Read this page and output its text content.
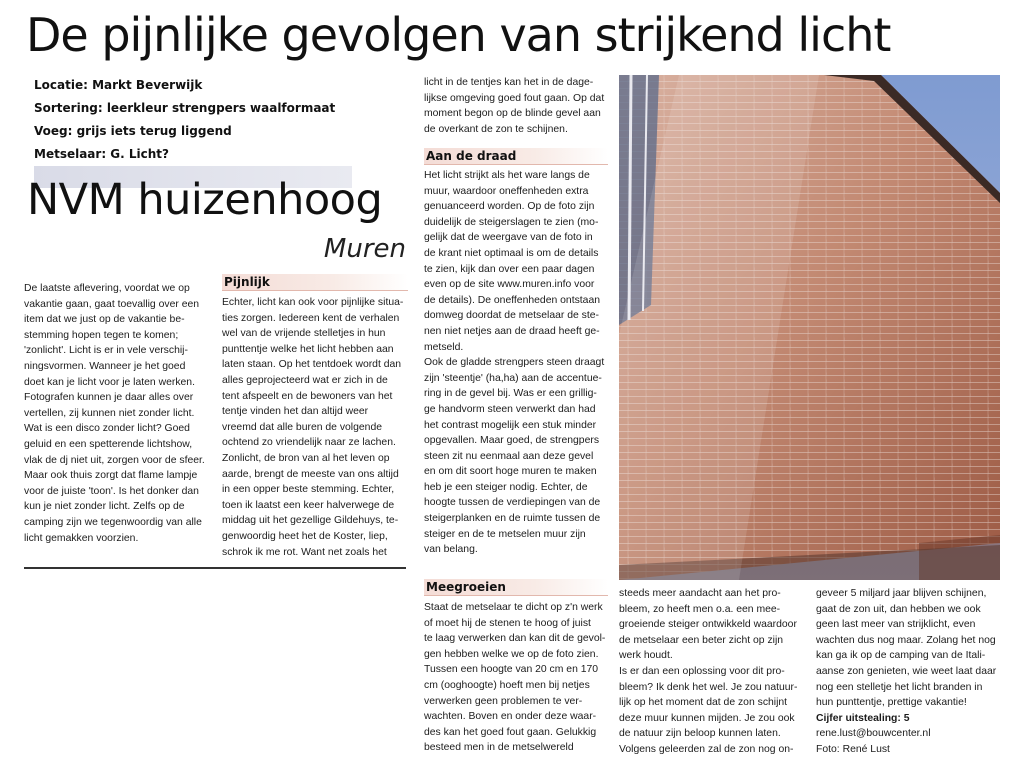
De pijnlijke gevolgen van strijkend licht
Locatie: Markt Beverwijk
Sortering: leerkleur strengpers waalformaat
Voeg: grijs iets terug liggend
Metselaar: G. Licht?
NVM huizenhoog
Muren

De laatste aflevering, voordat we op

vakantie gaan, gaat toevallig over een

item dat we just op de vakantie be-

stemming hopen tegen te komen;

'zonlicht'. Licht is er in vele verschij-

ningsvormen. Wanneer je het goed

doet kan je licht voor je laten werken.

Fotografen kunnen je daar alles over

vertellen, zij kunnen niet zonder licht.

Wat is een disco zonder licht? Goed

geluid en een spetterende lichtshow,

vlak de dj niet uit, zorgen voor de sfeer.

Maar ook thuis zorgt dat flame lampje

voor de juiste 'toon'. Is het donker dan

kun je niet zonder licht. Zelfs op de

camping zijn we tegenwoordig van alle

licht gemakken voorzien.

Pijnlijk

Echter, licht kan ook voor pijnlijke situa-

ties zorgen. Iedereen kent de verhalen

wel van de vrijende stelletjes in hun

punttentje welke het licht hebben aan

laten staan. Op het tentdoek wordt dan

alles geprojecteerd wat er zich in de

tent afspeelt en de bewoners van het

tentje vinden het dan altijd weer

vreemd dat alle buren de volgende

ochtend zo vriendelijk naar ze lachen.

Zonlicht, de bron van al het leven op

aarde, brengt de meeste van ons altijd

in een opper beste stemming. Echter,

toen ik laatst een keer halverwege de

middag uit het gezellige Gildehuys, te-

genwoordig heet het de Koster, liep,

schrok ik me rot. Want net zoals het

licht in de tentjes kan het in de dage-

lijkse omgeving goed fout gaan. Op dat

moment begon op de blinde gevel aan

de overkant de zon te schijnen.

Aan de draad

Het licht strijkt als het ware langs de

muur, waardoor oneffenheden extra

genuanceerd worden. Op de foto zijn

duidelijk de steigerslagen te zien (mo-

gelijk dat de weergave van de foto in

de krant niet optimaal is om de details

te zien, kijk dan over een paar dagen

even op de site www.muren.info voor

de details). De oneffenheden ontstaan

domweg doordat de metselaar de ste-

nen niet netjes aan de draad heeft ge-

metseld.

Ook de gladde strengpers steen draagt

zijn 'steentje' (ha,ha) aan de accentue-

ring in de gevel bij. Was er een grillig-

ge handvorm steen verwerkt dan had

het contrast mogelijk een stuk minder

opgevallen. Maar goed, de strengpers

steen zit nu eenmaal aan deze gevel

en om dit soort hoge muren te maken

heb je een steiger nodig. Echter, de

hoogte tussen de verdiepingen van de

steigerplanken en de ruimte tussen de

steiger en de te metselen muur zijn

van belang.

Meegroeien

Staat de metselaar te dicht op z'n werk

of moet hij de stenen te hoog of juist

te laag verwerken dan kan dit de gevol-

gen hebben welke we op de foto zien.

Tussen een hoogte van 20 cm en 170

cm (ooghoogte) hoeft men bij netjes

verwerken geen problemen te ver-

wachten. Boven en onder deze waar-

des kan het goed fout gaan. Gelukkig

besteed men in de metselwereld

steeds meer aandacht aan het pro-

bleem, zo heeft men o.a. een mee-

groeiende steiger ontwikkeld waardoor

de metselaar een beter zicht op zijn

werk houdt.

Is er dan een oplossing voor dit pro-

bleem? Ik denk het wel. Je zou natuur-

lijk op het moment dat de zon schijnt

deze muur kunnen mijden. Je zou ook

de natuur zijn beloop kunnen laten.

Volgens geleerden zal de zon nog on-

geveer 5 miljard jaar blijven schijnen,

gaat de zon uit, dan hebben we ook

geen last meer van strijklicht, even

wachten dus nog maar. Zolang het nog

kan ga ik op de camping van de Itali-

aanse zon genieten, wie weet laat daar

nog een stelletje het licht branden in

hun punttentje, prettige vakantie!

Cijfer uitstealing: 5

rene.lust@bouwcenter.nl

Foto: René Lust
